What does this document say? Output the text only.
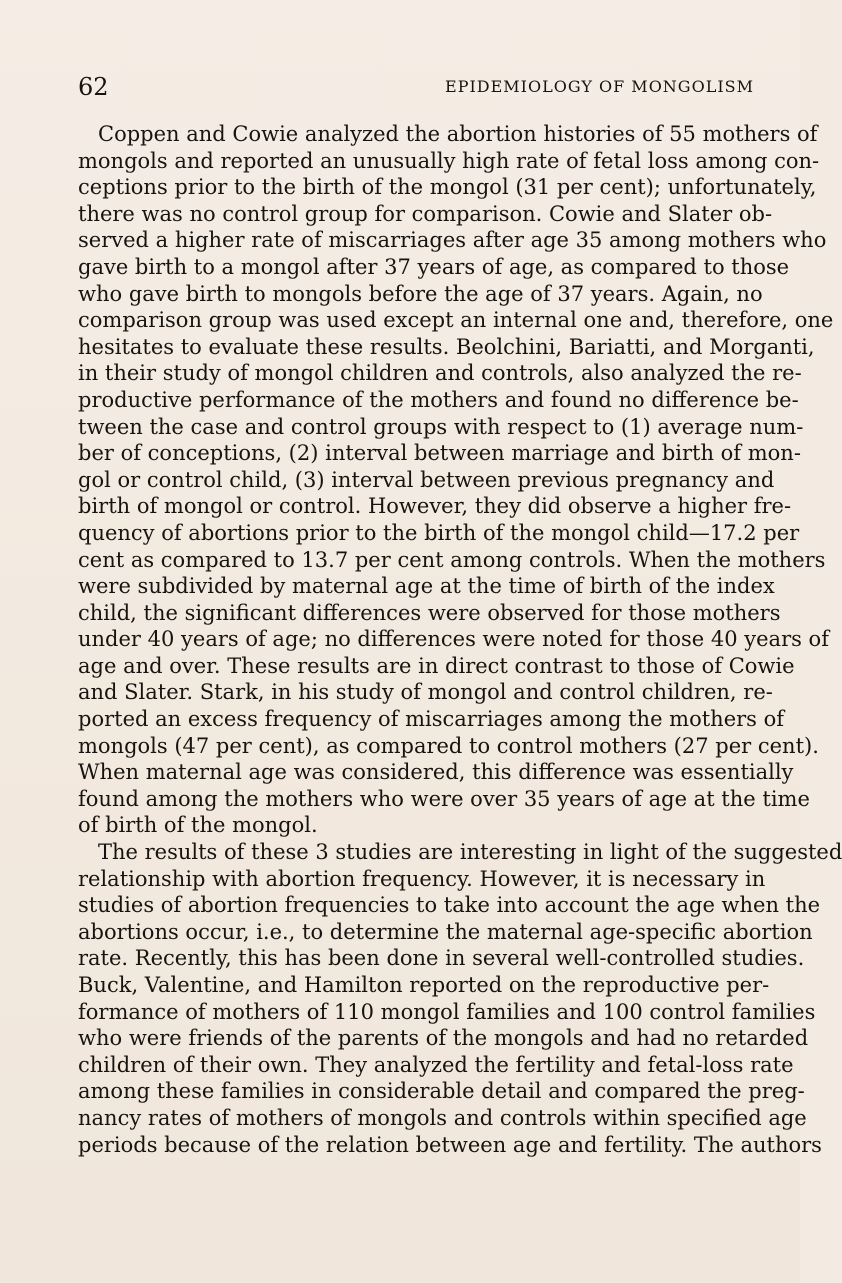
62	EPIDEMIOLOGY OF MONGOLISM
Coppen and Cowie analyzed the abortion histories of 55 mothers of
mongols and reported an unusually high rate of fetal loss among con-
ceptions prior to the birth of the mongol (31 per cent); unfortunately,
there was no control group for comparison. Cowie and Slater ob-
served a higher rate of miscarriages after age 35 among mothers who
gave birth to a mongol after 37 years of age, as compared to those
who gave birth to mongols before the age of 37 years. Again, no
comparison group was used except an internal one and, therefore, one
hesitates to evaluate these results. Beolchini, Bariatti, and Morganti,
in their study of mongol children and controls, also analyzed the re-
productive performance of the mothers and found no difference be-
tween the case and control groups with respect to (1) average num-
ber of conceptions, (2) interval between marriage and birth of mon-
gol or control child, (3) interval between previous pregnancy and
birth of mongol or control. However, they did observe a higher fre-
quency of abortions prior to the birth of the mongol child—17.2 per
cent as compared to 13.7 per cent among controls. When the mothers
were subdivided by maternal age at the time of birth of the index
child, the significant differences were observed for those mothers
under 40 years of age; no differences were noted for those 40 years of
age and over. These results are in direct contrast to those of Cowie
and Slater. Stark, in his study of mongol and control children, re-
ported an excess frequency of miscarriages among the mothers of
mongols (47 per cent), as compared to control mothers (27 per cent).
When maternal age was considered, this difference was essentially
found among the mothers who were over 35 years of age at the time
of birth of the mongol.
The results of these 3 studies are interesting in light of the suggested
relationship with abortion frequency. However, it is necessary in
studies of abortion frequencies to take into account the age when the
abortions occur, i.e., to determine the maternal age-specific abortion
rate. Recently, this has been done in several well-controlled studies.
Buck, Valentine, and Hamilton reported on the reproductive per-
formance of mothers of 110 mongol families and 100 control families
who were friends of the parents of the mongols and had no retarded
children of their own. They analyzed the fertility and fetal-loss rate
among these families in considerable detail and compared the preg-
nancy rates of mothers of mongols and controls within specified age
periods because of the relation between age and fertility. The authors
